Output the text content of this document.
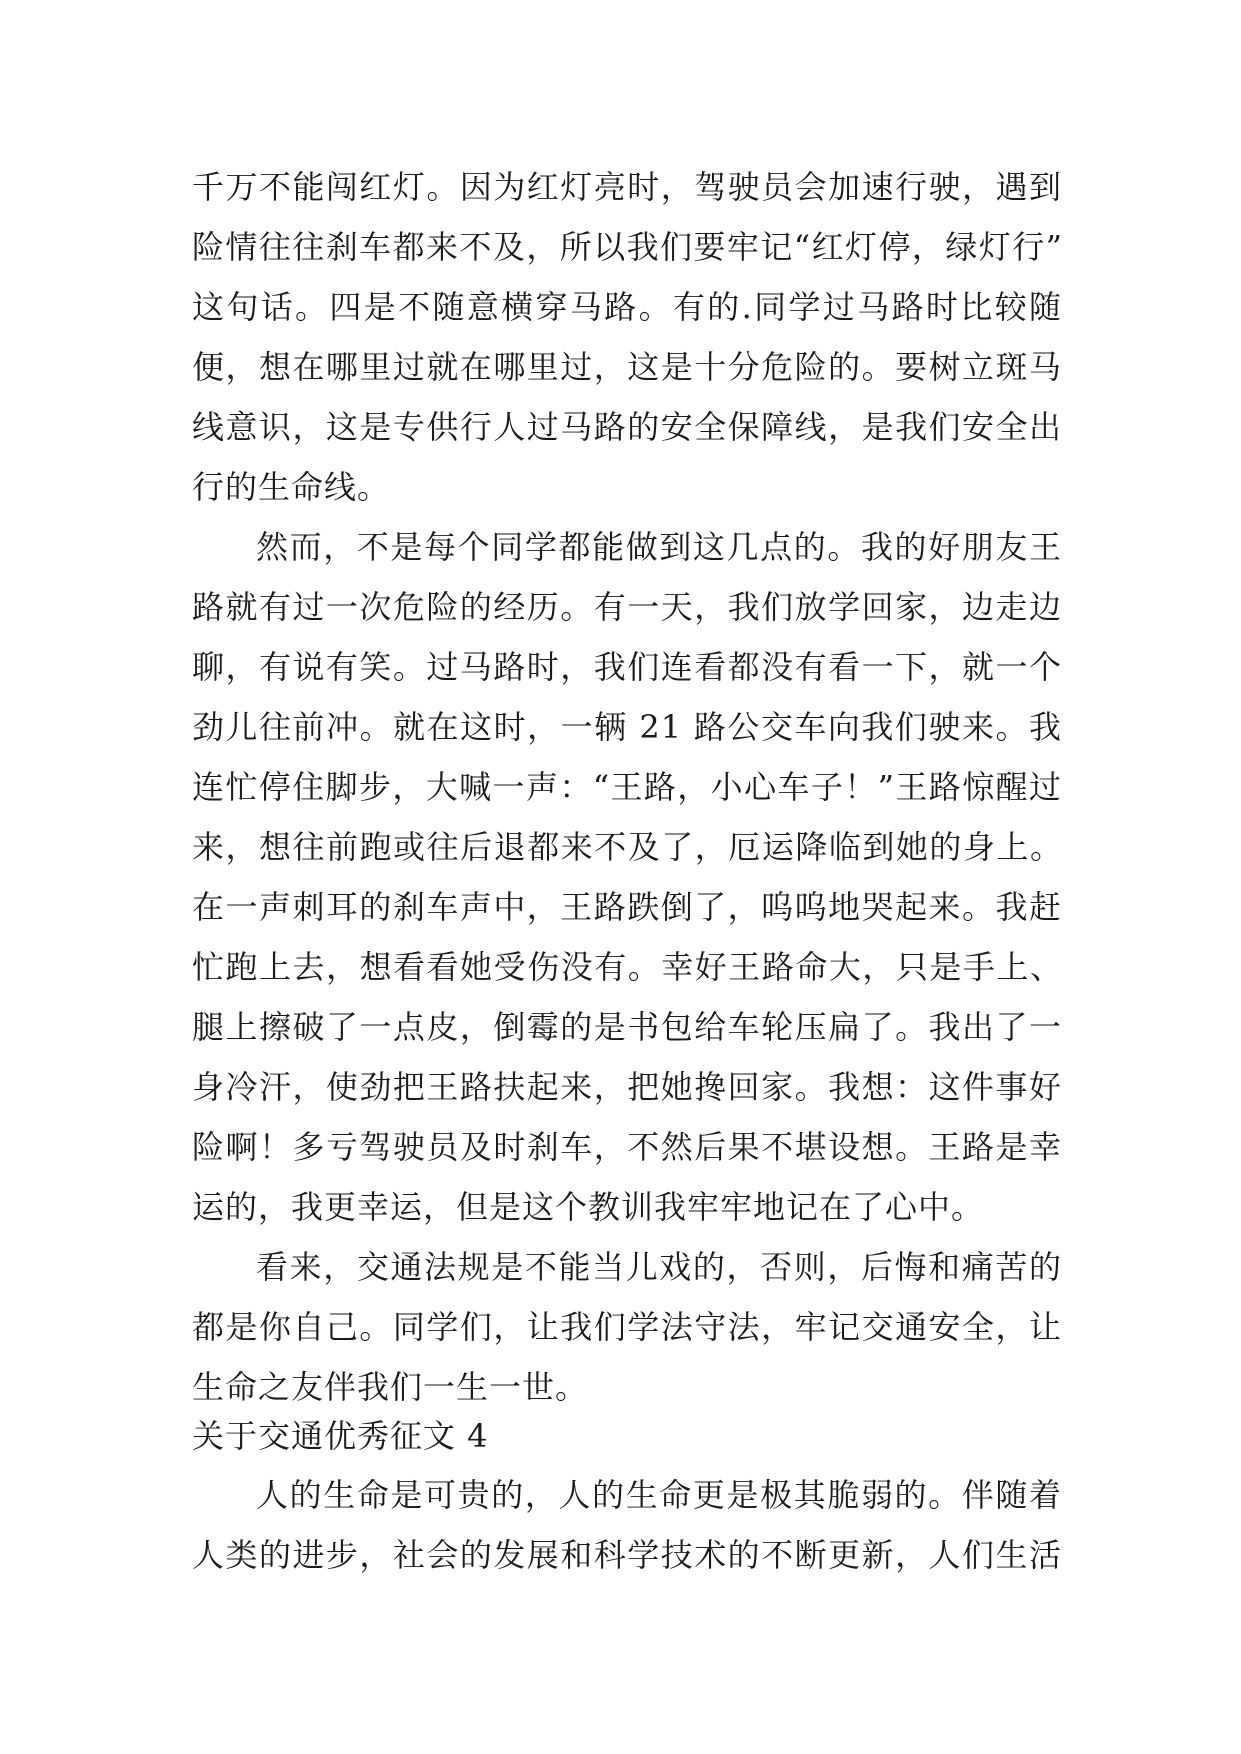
千万不能闯红灯。因为红灯亮时，驾驶员会加速行驶，遇到
险情往往刹车都来不及，所以我们要牢记“红灯停，绿灯行”
这句话。四是不随意横穿马路。有的.同学过马路时比较随
便，想在哪里过就在哪里过，这是十分危险的。要树立斑马
线意识，这是专供行人过马路的安全保障线，是我们安全出
行的生命线。
然而，不是每个同学都能做到这几点的。我的好朋友王
路就有过一次危险的经历。有一天，我们放学回家，边走边
聊，有说有笑。过马路时，我们连看都没有看一下，就一个
劲儿往前冲。就在这时，一辆 21 路公交车向我们驶来。我
连忙停住脚步，大喊一声：“王路，小心车子！”王路惊醒过
来，想往前跑或往后退都来不及了，厄运降临到她的身上。
在一声刺耳的刹车声中，王路跌倒了，呜呜地哭起来。我赶
忙跑上去，想看看她受伤没有。幸好王路命大，只是手上、
腿上擦破了一点皮，倒霉的是书包给车轮压扁了。我出了一
身冷汗，使劲把王路扶起来，把她搀回家。我想：这件事好
险啊！多亏驾驶员及时刹车，不然后果不堪设想。王路是幸
运的，我更幸运，但是这个教训我牢牢地记在了心中。
看来，交通法规是不能当儿戏的，否则，后悔和痛苦的
都是你自己。同学们，让我们学法守法，牢记交通安全，让
生命之友伴我们一生一世。
关于交通优秀征文 4
人的生命是可贵的，人的生命更是极其脆弱的。伴随着
人类的进步，社会的发展和科学技术的不断更新，人们生活
